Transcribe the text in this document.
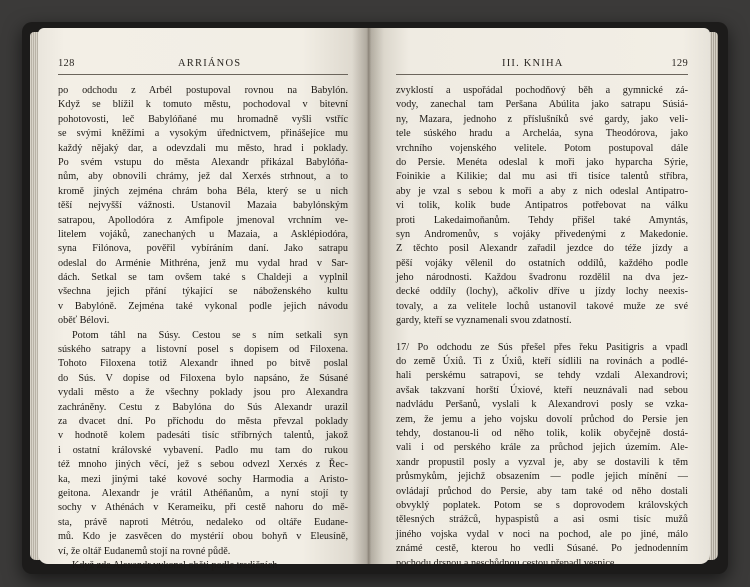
128	ARRIÁNOS
po odchodu z Arbél postupoval rovnou na Babylón.
Když se blížil k tomuto městu, pochodoval v bitevní
pohotovosti, leč Babylóňané mu hromadně vyšli vstříc
se svými kněžími a vysokým úřednictvem, přinášejíce mu
každý nějaký dar, a odevzdali mu město, hrad i poklady.
Po svém vstupu do města Alexandr přikázal Babylóňa-
nům, aby obnovili chrámy, jež dal Xerxés strhnout, a to
kromě jiných zejména chrám boha Béla, který se u nich
těší nejvyšší vážnosti. Ustanovil Mazaia babylónským
satrapou, Apollodóra z Amfipole jmenoval vrchním ve-
litelem vojáků, zanechaných u Mazaia, a Asklépiodóra,
syna Filónova, pověřil vybíráním daní. Jako satrapu
odeslal do Arménie Mithréna, jenž mu vydal hrad v Sar-
dách. Setkal se tam ovšem také s Chaldeji a vyplnil
všechna jejich přání týkající se náboženského kultu
v Babylóně. Zejména také vykonal podle jejich návodu
oběť Bélovi.
Potom táhl na Súsy. Cestou se s ním setkali syn
súského satrapy a listovní posel s dopisem od Filoxena.
Tohoto Filoxena totiž Alexandr ihned po bitvě poslal
do Sús. V dopise od Filoxena bylo napsáno, že Súsané
vydali město a že všechny poklady jsou pro Alexandra
zachráněny. Cestu z Babylóna do Sús Alexandr urazil
za dvacet dní. Po příchodu do města převzal poklady
v hodnotě kolem padesáti tisíc stříbrných talentů, jakož
i ostatní královské vybavení. Padlo mu tam do rukou
též mnoho jiných věcí, jež s sebou odvezl Xerxés z Řec-
ka, mezi jinými také kovové sochy Harmodia a Aristo-
geitona. Alexandr je vrátil Athéňanům, a nyní stojí ty
sochy v Athénách v Kerameiku, při cestě nahoru do mě-
sta, právě naproti Métróu, nedaleko od oltáře Eudane-
mů. Kdo je zasvěcen do mystérií obou bohyň v Eleusíně,
ví, že oltář Eudanemů stojí na rovné půdě.
Když zde Alexandr vykonal oběti podle tradičních
III. KNIHA	129
zvyklostí a uspořádal pochodňový běh a gymnické zá-
vody, zanechal tam Peršana Abúlita jako satrapu Súsiá-
ny, Mazara, jednoho z příslušníků své gardy, jako veli-
tele súského hradu a Archeláa, syna Theodórova, jako
vrchního vojenského velitele. Potom postupoval dále
do Persie. Menéta odeslal k moři jako hyparcha Sýrie,
Foinikie a Kilikie; dal mu asi tři tisíce talentů stříbra,
aby je vzal s sebou k moři a aby z nich odeslal Antipatro-
vi tolik, kolik bude Antipatros potřebovat na válku
proti Lakedaimoňanům. Tehdy přišel také Amyntás,
syn Andromenův, s vojáky přivedenými z Makedonie.
Z těchto posil Alexandr zařadil jezdce do téže jízdy a
pěší vojáky vělenil do ostatních oddílů, každého podle
jeho národnosti. Každou švadronu rozdělil na dva jez-
decké oddíly (lochy), ačkoliv dříve u jízdy lochy neexis-
tovaly, a za velitele lochů ustanovil takové muže ze své
gardy, kteří se vyznamenali svou zdatností.
17/ Po odchodu ze Sús přešel přes řeku Pasitigris a vpadl
do země Úxiů. Ti z Úxiů, kteří sídlili na rovinách a podlé-
hali perskému satrapovi, se tehdy vzdali Alexandrovi;
avšak takzvaní horští Úxiové, kteří neuznávali nad sebou
nadvládu Peršanů, vyslali k Alexandrovi posly se vzka-
zem, že jemu a jeho vojsku dovolí průchod do Persie jen
tehdy, dostanou-li od něho tolik, kolik obyčejně dostá-
vali i od perského krále za průchod jejich územím. Ale-
xandr propustil posly a vyzval je, aby se dostavili k těm
průsmykům, jejichž obsazením — podle jejich mínění —
ovládají průchod do Persie, aby tam také od něho dostali
obvyklý poplatek. Potom se s doprovodem královských
tělesných strážců, hypaspistů a asi osmi tisíc mužů
jiného vojska vydal v noci na pochod, ale po jiné, málo
známé cestě, kterou ho vedli Súsané. Po jednodenním
pochodu drsnou a neschůdnou cestou přepadl vesnice
